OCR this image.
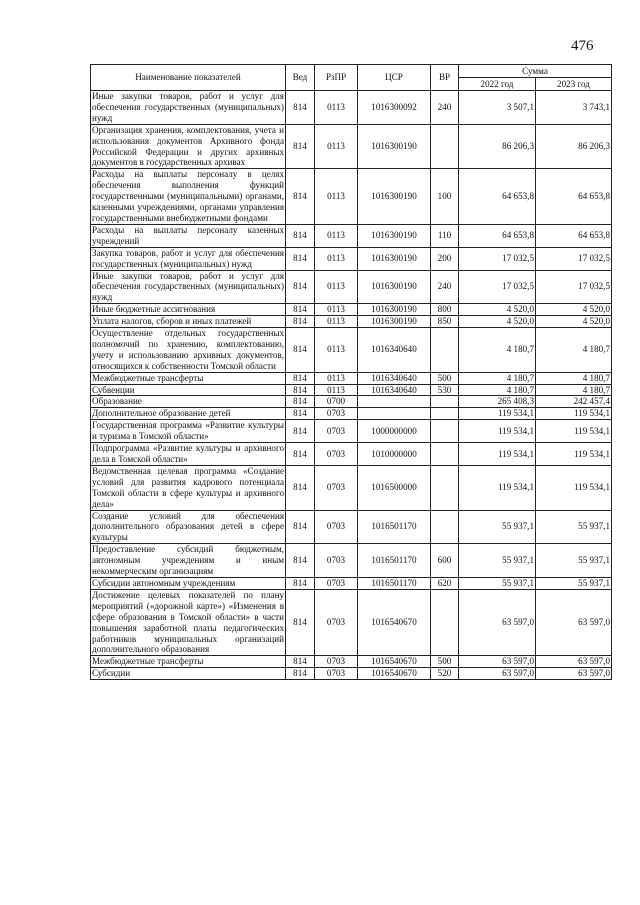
476
Наименование показателей	Вед	РзПР	ЦСР	ВР	Сумма	
					2022 год	2023 год
Иные закупки товаров, работ и услуг для обеспечения государственных (муниципальных) нужд	814	0113	1016300092	240	3 507,1	3 743,1
Организация хранения, комплектования, учета и использования документов Архивного фонда Российской Федерации и других архивных документов в государственных архивах	814	0113	1016300190		86 206,3	86 206,3
Расходы на выплаты персоналу в целях обеспечения выполнения функций государственными (муниципальными) органами, казенными учреждениями, органами управления государственными внебюджетными фондами	814	0113	1016300190	100	64 653,8	64 653,8
Расходы на выплаты персоналу казенных учреждений	814	0113	1016300190	110	64 653,8	64 653,8
Закупка товаров, работ и услуг для обеспечения государственных (муниципальных) нужд	814	0113	1016300190	200	17 032,5	17 032,5
Иные закупки товаров, работ и услуг для обеспечения государственных (муниципальных) нужд	814	0113	1016300190	240	17 032,5	17 032,5
Иные бюджетные ассигнования	814	0113	1016300190	800	4 520,0	4 520,0
Уплата налогов, сборов и иных платежей	814	0113	1016300190	850	4 520,0	4 520,0
Осуществление отдельных государственных полномочий по хранению, комплектованию, учету и использованию архивных документов, относящихся к собственности Томской области	814	0113	1016340640		4 180,7	4 180,7
Межбюджетные трансферты	814	0113	1016340640	500	4 180,7	4 180,7
Субвенции	814	0113	1016340640	530	4 180,7	4 180,7
Образование	814	0700			265 408,3	242 457,4
Дополнительное образование детей	814	0703			119 534,1	119 534,1
Государственная программа «Развитие культуры и туризма в Томской области»	814	0703	1000000000		119 534,1	119 534,1
Подпрограмма «Развитие культуры и архивного дела в Томской области»	814	0703	1010000000		119 534,1	119 534,1
Ведомственная целевая программа «Создание условий для развития кадрового потенциала Томской области в сфере культуры и архивного дела»	814	0703	1016500000		119 534,1	119 534,1
Создание условий для обеспечения дополнительного образования детей в сфере культуры	814	0703	1016501170		55 937,1	55 937,1
Предоставление субсидий бюджетным, автономным учреждениям и иным некоммерческим организациям	814	0703	1016501170	600	55 937,1	55 937,1
Субсидии автономным учреждениям	814	0703	1016501170	620	55 937,1	55 937,1
Достижение целевых показателей по плану мероприятий («дорожной карте») «Изменения в сфере образования в Томской области» в части повышения заработной платы педагогических работников муниципальных организаций дополнительного образования	814	0703	1016540670		63 597,0	63 597,0
Межбюджетные трансферты	814	0703	1016540670	500	63 597,0	63 597,0
Субсидии	814	0703	1016540670	520	63 597,0	63 597,0
